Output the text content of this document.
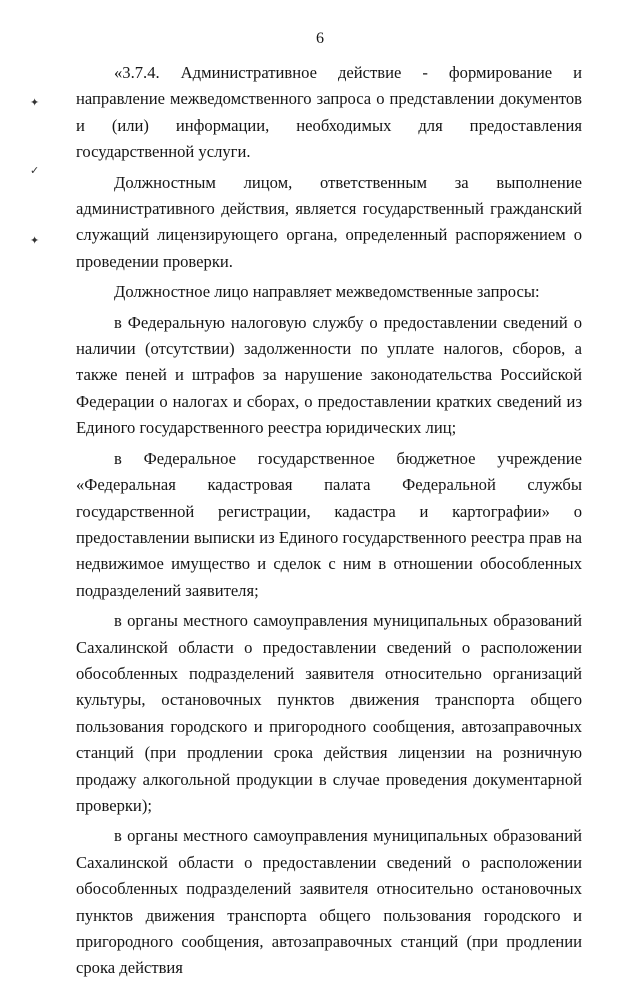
6
✦
✓
✦

«3.7.4. Административное действие - формирование и направление межведомственного запроса о представлении документов и (или) информации, необходимых для предоставления государственной услуги.

Должностным лицом, ответственным за выполнение административного действия, является государственный гражданский служащий лицензирующего органа, определенный распоряжением о проведении проверки.

Должностное лицо направляет межведомственные запросы:

в Федеральную налоговую службу о предоставлении сведений о наличии (отсутствии) задолженности по уплате налогов, сборов, а также пеней и штрафов за нарушение законодательства Российской Федерации о налогах и сборах, о предоставлении кратких сведений из Единого государственного реестра юридических лиц;

в Федеральное государственное бюджетное учреждение «Федеральная кадастровая палата Федеральной службы государственной регистрации, кадастра и картографии» о предоставлении выписки из Единого государственного реестра прав на недвижимое имущество и сделок с ним в отношении обособленных подразделений заявителя;

в органы местного самоуправления муниципальных образований Сахалинской области о предоставлении сведений о расположении обособленных подразделений заявителя относительно организаций культуры, остановочных пунктов движения транспорта общего пользования городского и пригородного сообщения, автозаправочных станций (при продлении срока действия лицензии на розничную продажу алкогольной продукции в случае проведения документарной проверки);

в органы местного самоуправления муниципальных образований Сахалинской области о предоставлении сведений о расположении обособленных подразделений заявителя относительно остановочных пунктов движения транспорта общего пользования городского и пригородного сообщения, автозаправочных станций (при продлении срока действия
